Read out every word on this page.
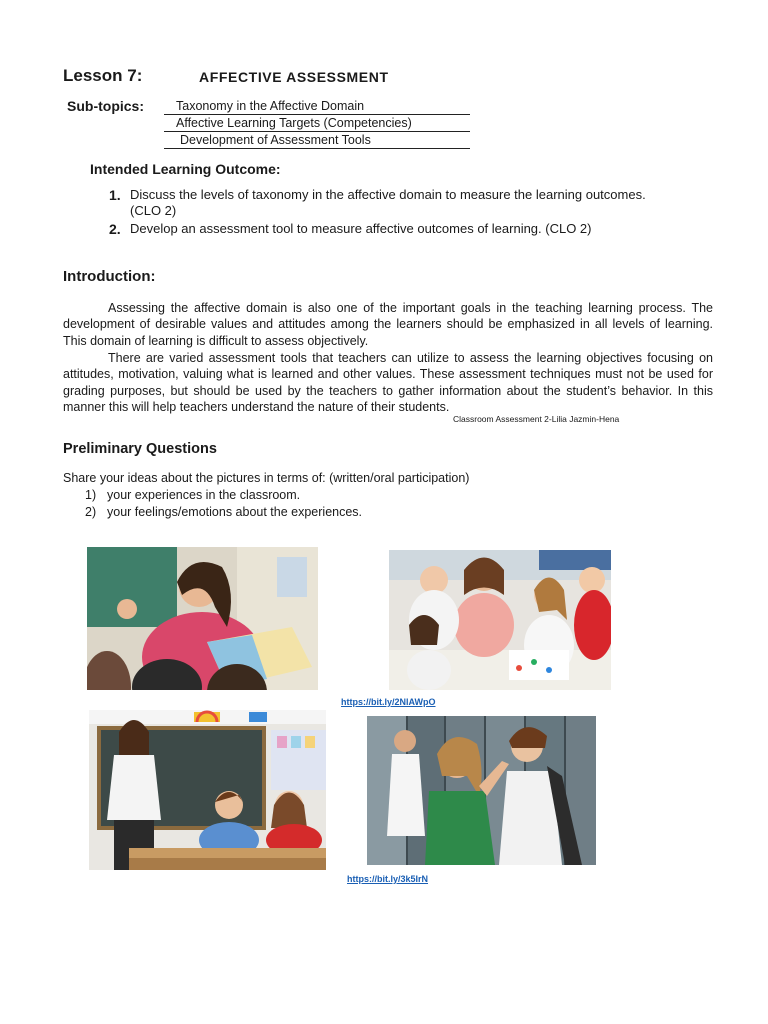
Lesson 7:	AFFECTIVE ASSESSMENT
Sub-topics:	Taxonomy in the Affective Domain
Affective Learning Targets (Competencies)
Development of Assessment Tools
Intended Learning Outcome:
1. Discuss the levels of taxonomy in the affective domain to measure the learning outcomes.
(CLO 2)
2. Develop an assessment tool to measure affective outcomes of learning. (CLO 2)
Introduction:
Assessing the affective domain is also one of the important goals in the teaching learning process. The development of desirable values and attitudes among the learners should be emphasized in all levels of learning. This domain of learning is difficult to assess objectively.
There are varied assessment tools that teachers can utilize to assess the learning objectives focusing on attitudes, motivation, valuing what is learned and other values. These assessment techniques must not be used for grading purposes, but should be used by the teachers to gather information about the student’s behavior. In this manner this will help teachers understand the nature of their students.
Classroom Assessment 2-Lilia Jazmin-Hena
Preliminary Questions
Share your ideas about the pictures in terms of: (written/oral participation)
1) your experiences in the classroom.
2) your feelings/emotions about the experiences.
https://bit.ly/2NlAWpO
https://bit.ly/3k5IrN
